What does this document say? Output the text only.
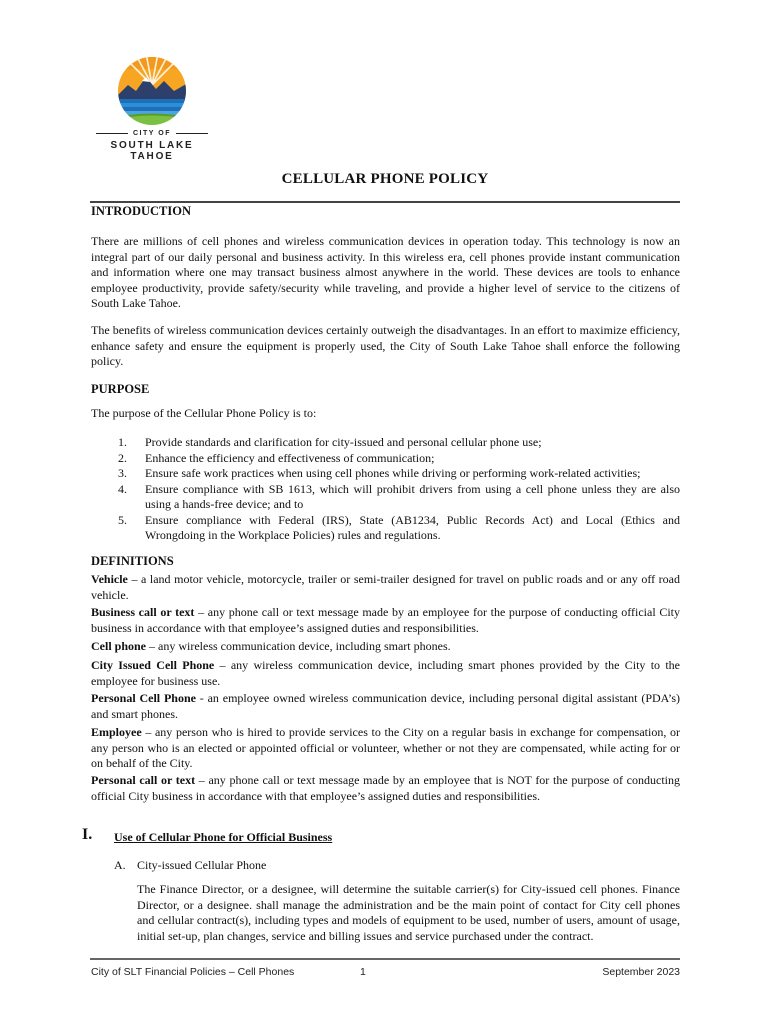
CITY OF
SOUTH LAKE TAHOE
CELLULAR PHONE POLICY
INTRODUCTION
There are millions of cell phones and wireless communication devices in operation today. This technology is now an integral part of our daily personal and business activity. In this wireless era, cell phones provide instant communication and information where one may transact business almost anywhere in the world. These devices are tools to enhance employee productivity, provide safety/security while traveling, and provide a higher level of service to the citizens of South Lake Tahoe.
The benefits of wireless communication devices certainly outweigh the disadvantages. In an effort to maximize efficiency, enhance safety and ensure the equipment is properly used, the City of South Lake Tahoe shall enforce the following policy.
PURPOSE
The purpose of the Cellular Phone Policy is to:
1. Provide standards and clarification for city-issued and personal cellular phone use;
2. Enhance the efficiency and effectiveness of communication;
3. Ensure safe work practices when using cell phones while driving or performing work-related activities;
4. Ensure compliance with SB 1613, which will prohibit drivers from using a cell phone unless they are also using a hands-free device; and to
5. Ensure compliance with Federal (IRS), State (AB1234, Public Records Act) and Local (Ethics and Wrongdoing in the Workplace Policies) rules and regulations.
DEFINITIONS
Vehicle – a land motor vehicle, motorcycle, trailer or semi-trailer designed for travel on public roads and or any off road vehicle.
Business call or text – any phone call or text message made by an employee for the purpose of conducting official City business in accordance with that employee’s assigned duties and responsibilities.
Cell phone – any wireless communication device, including smart phones.
City Issued Cell Phone – any wireless communication device, including smart phones provided by the City to the employee for business use.
Personal Cell Phone - an employee owned wireless communication device, including personal digital assistant (PDA’s) and smart phones.
Employee – any person who is hired to provide services to the City on a regular basis in exchange for compensation, or any person who is an elected or appointed official or volunteer, whether or not they are compensated, while acting for or on behalf of the City.
Personal call or text – any phone call or text message made by an employee that is NOT for the purpose of conducting official City business in accordance with that employee’s assigned duties and responsibilities.
I. Use of Cellular Phone for Official Business
A. City-issued Cellular Phone
The Finance Director, or a designee, will determine the suitable carrier(s) for City-issued cell phones. Finance Director, or a designee. shall manage the administration and be the main point of contact for City cell phones and cellular contract(s), including types and models of equipment to be used, number of users, amount of usage, initial set-up, plan changes, service and billing issues and service purchased under the contract.
City of SLT Financial Policies – Cell Phones	1	September 2023
